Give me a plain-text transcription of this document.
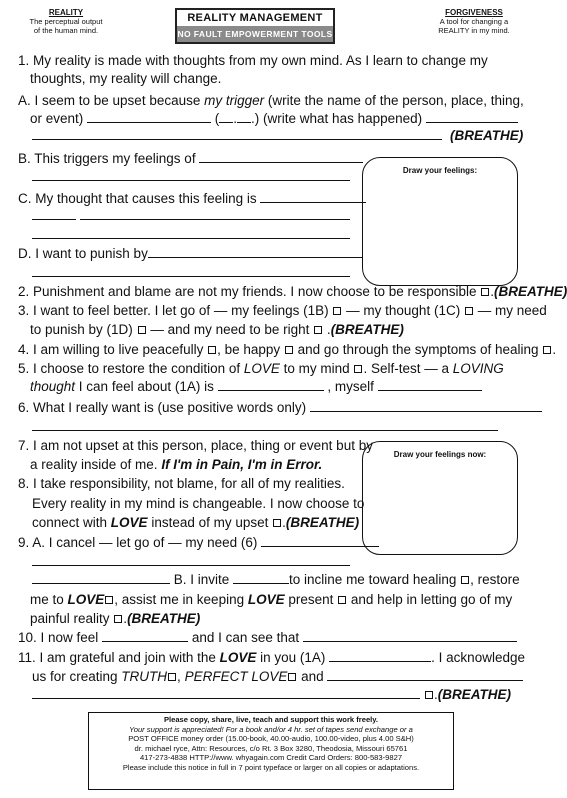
REALITY
The perceptual output
of the human mind.
REALITY MANAGEMENT
NO FAULT EMPOWERMENT TOOLS
FORGIVENESS
A tool for changing a
REALITY in my mind.
Draw your feelings:
Draw your feelings now:
1. My reality is made with thoughts from my own mind. As I learn to change my
thoughts, my reality will change.
A. I seem to be upset because my trigger (write the name of the person, place, thing,
or event)	( . .) (write what has happened)
(BREATHE)
B. This triggers my feelings of
C. My thought that causes this feeling is
D. I want to punish by
2. Punishment and blame are not my friends. I now choose to be responsible .(BREATHE)
3. I want to feel better. I let go of — my feelings (1B)  — my thought (1C)  — my need
to punish by (1D)  — and my need to be right  .(BREATHE)
4. I am willing to live peacefully , be happy  and go through the symptoms of healing .
5. I choose to restore the condition of LOVE to my mind . Self-test — a LOVING
thought I can feel about (1A) is	, myself
6. What I really want is (use positive words only)
7. I am not upset at this person, place, thing or event but by
a reality inside of me. If I'm in Pain, I'm in Error.
8. I take responsibility, not blame, for all of my realities.
Every reality in my mind is changeable. I now choose to
connect with LOVE instead of my upset .(BREATHE)
9. A. I cancel — let go of — my need (6)
B. I invite	to incline me toward healing , restore
me to LOVE , assist me in keeping LOVE present  and help in letting go of my
painful reality .(BREATHE)
10. I now feel	and I can see that
11. I am grateful and join with the LOVE in you (1A)	. I acknowledge
us for creating TRUTH , PERFECT LOVE and
.(BREATHE)
Please copy, share, live, teach and support this work freely.
Your support is appreciated! For a book and/or 4 hr. set of tapes send exchange or a
POST OFFICE money order (15.00-book, 40.00-audio, 100.00-video, plus 4.00 S&H)
dr. michael ryce, Attn: Resources, c/o Rt. 3 Box 3280, Theodosia, Missouri 65761
417-273-4838 HTTP://www. whyagain.com Credit Card Orders: 800-583-9827
Please include this notice in full in 7 point typeface or larger on all copies or adaptations.
